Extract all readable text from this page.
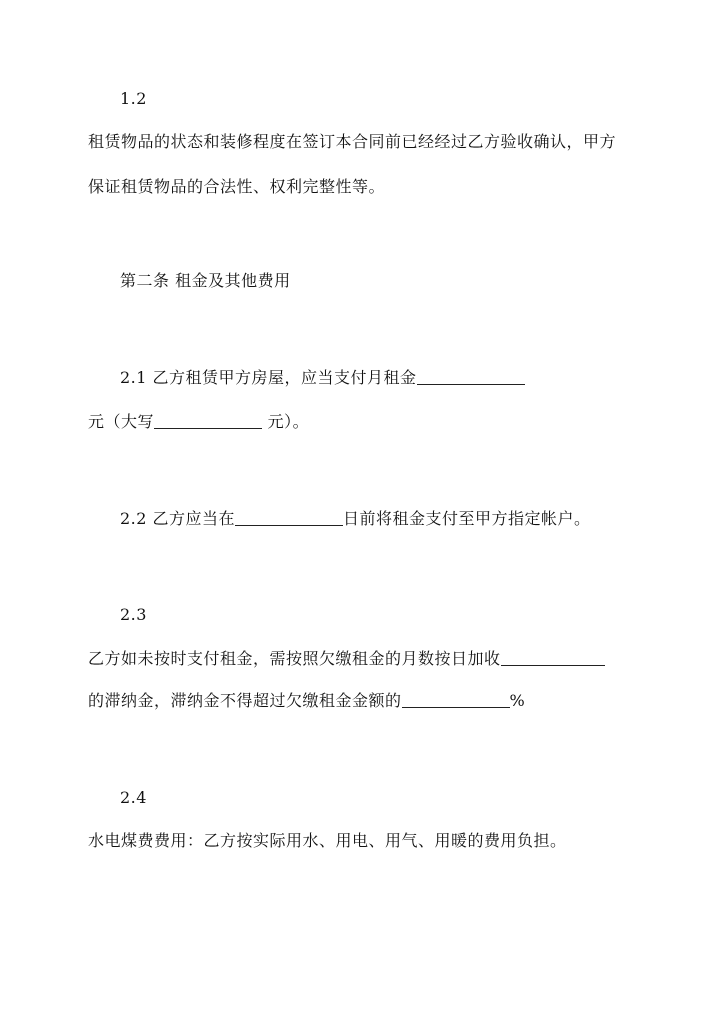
1.2
租赁物品的状态和装修程度在签订本合同前已经经过乙方验收确认，甲方
保证租赁物品的合法性、权利完整性等。
第二条 租金及其他费用
2.1 乙方租赁甲方房屋，应当支付月租金
元（大写	元）。
2.2 乙方应当在	日前将租金支付至甲方指定帐户。
2.3
乙方如未按时支付租金，需按照欠缴租金的月数按日加收
的滞纳金，滞纳金不得超过欠缴租金金额的	%
2.4
水电煤费费用：乙方按实际用水、用电、用气、用暖的费用负担。
